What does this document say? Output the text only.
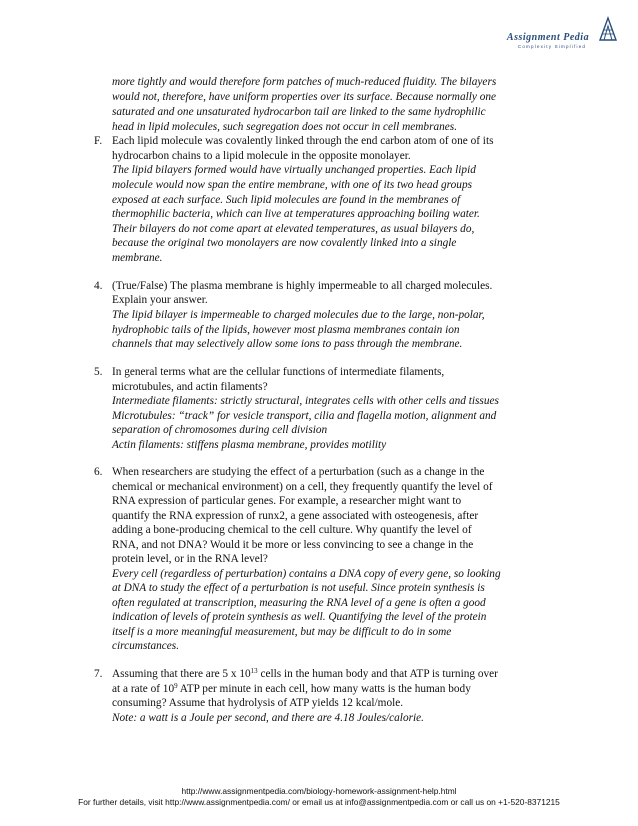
Assignment Pedia
Complexity Simplified
more tightly and would therefore form patches of much-reduced fluidity. The bilayers
would not, therefore, have uniform properties over its surface. Because normally one
saturated and one unsaturated hydrocarbon tail are linked to the same hydrophilic
head in lipid molecules, such segregation does not occur in cell membranes.
F. Each lipid molecule was covalently linked through the end carbon atom of one of its
hydrocarbon chains to a lipid molecule in the opposite monolayer.
The lipid bilayers formed would have virtually unchanged properties. Each lipid
molecule would now span the entire membrane, with one of its two head groups
exposed at each surface. Such lipid molecules are found in the membranes of
thermophilic bacteria, which can live at temperatures approaching boiling water.
Their bilayers do not come apart at elevated temperatures, as usual bilayers do,
because the original two monolayers are now covalently linked into a single
membrane.
4. (True/False) The plasma membrane is highly impermeable to all charged molecules.
Explain your answer.
The lipid bilayer is impermeable to charged molecules due to the large, non-polar,
hydrophobic tails of the lipids, however most plasma membranes contain ion
channels that may selectively allow some ions to pass through the membrane.
5. In general terms what are the cellular functions of intermediate filaments,
microtubules, and actin filaments?
Intermediate filaments: strictly structural, integrates cells with other cells and tissues
Microtubules: “track” for vesicle transport, cilia and flagella motion, alignment and
separation of chromosomes during cell division
Actin filaments: stiffens plasma membrane, provides motility
6. When researchers are studying the effect of a perturbation (such as a change in the
chemical or mechanical environment) on a cell, they frequently quantify the level of
RNA expression of particular genes. For example, a researcher might want to
quantify the RNA expression of runx2, a gene associated with osteogenesis, after
adding a bone-producing chemical to the cell culture. Why quantify the level of
RNA, and not DNA? Would it be more or less convincing to see a change in the
protein level, or in the RNA level?
Every cell (regardless of perturbation) contains a DNA copy of every gene, so looking
at DNA to study the effect of a perturbation is not useful. Since protein synthesis is
often regulated at transcription, measuring the RNA level of a gene is often a good
indication of levels of protein synthesis as well. Quantifying the level of the protein
itself is a more meaningful measurement, but may be difficult to do in some
circumstances.
7. Assuming that there are 5 x $10^{13}$ cells in the human body and that ATP is turning over
at a rate of $10^9$ ATP per minute in each cell, how many watts is the human body
consuming? Assume that hydrolysis of ATP yields 12 kcal/mole.
Note: a watt is a Joule per second, and there are 4.18 Joules/calorie.
http://www.assignmentpedia.com/biology-homework-assignment-help.html
For further details, visit http://www.assignmentpedia.com/ or email us at info@assignmentpedia.com or call us on +1-520-8371215
